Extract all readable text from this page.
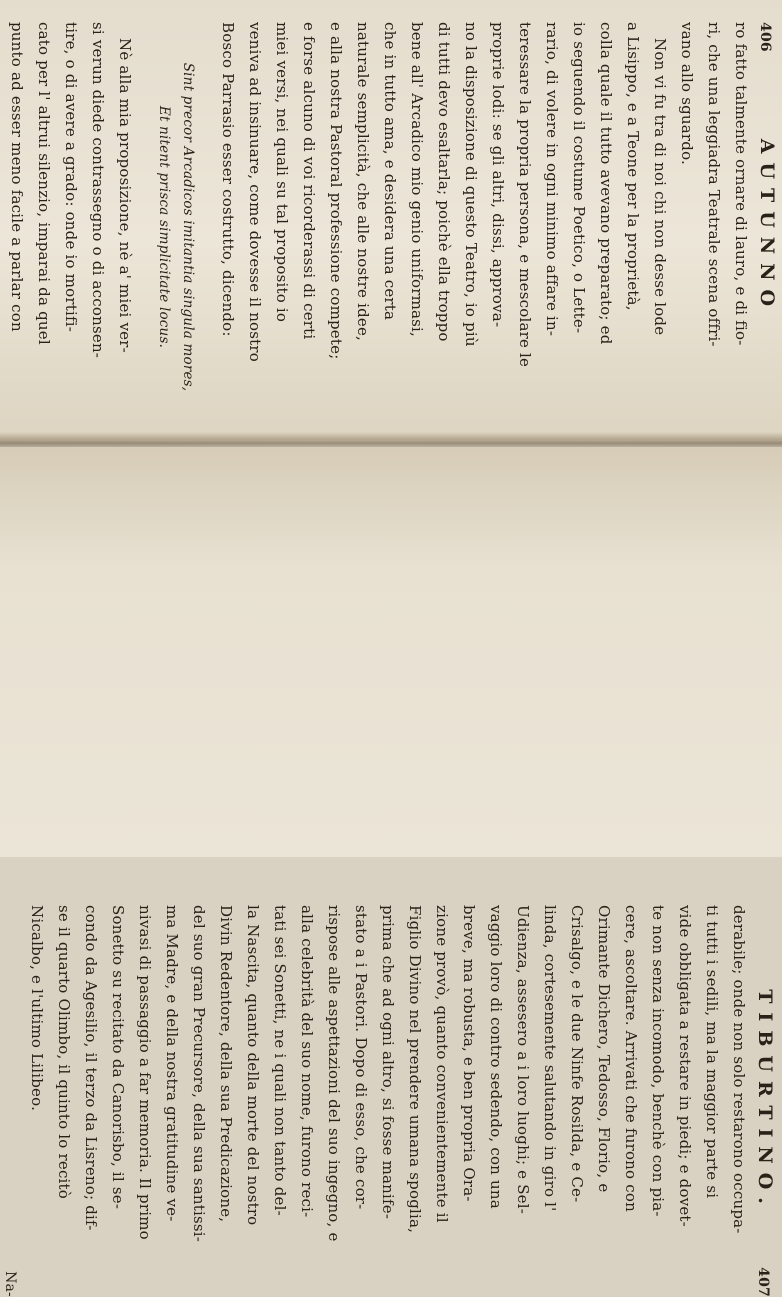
406
AUTUNNO
ro fatto talmente ornare di lauro, e di fio-
ri, che una leggiadra Teatrale scena offri-
vano allo sguardo.
Non vi fu tra di noi chi non desse lode
a Lisippo, e a Teone per la proprietà,
colla quale il tutto avevano preparato; ed
io seguendo il costume Poetico, o Lette-
rario, di volere in ogni minimo affare in-
teressare la propria persona, e mescolare le
proprie lodi: se gli altri, dissi, approva-
no la disposizione di questo Teatro, io più
di tutti devo esaltarla; poichè ella troppo
bene all' Arcadico mio genio uniformasi,
che in tutto ama, e desidera una certa
naturale semplicità, che alle nostre idee,
e alla nostra Pastoral professione compete;
e forse alcuno di voi ricorderassi di certi
miei versi, nei quali su tal proposito io
veniva ad insinuare, come dovesse il nostro
Bosco Parrasio esser costrutto, dicendo:
Sint precor Arcadicos imitantia singula mores,
Et nitent prisca simplicitate locus.
Nè alla mia proposizione, nè a' miei ver-
si verun diede contrassegno o di acconsen-
tire, o di avere a grado: onde io mortifi-
cato per l' altrui silenzio, imparai da quel
punto ad esser meno facile a parlar con
TIBURTINO.
407
derabile; onde non solo restarono occupa-
ti tutti i sedili, ma la maggior parte si
vide obbligata a restare in piedi; e dovet-
te non senza incomodo, benchè con pia-
cere, ascoltare. Arrivati che furono con
Orimante Dichero, Tedosso, Florio, e
Crisalgo, e le due Ninfe Rosilda, e Ce-
linda, cortesemente salutando in giro l'
Udienza, assesero a i loro luoghi; e Sel-
vaggio loro di contro sedendo, con una
breve, ma robusta, e ben propria Ora-
zione provò, quanto convenientemente il
Figlio Divino nel prendere umana spoglia,
prima che ad ogni altro, si fosse manife-
stato a i Pastori. Dopo di esso, che cor-
rispose alle aspettazioni del suo ingegno, e
alla celebrità del suo nome, furono reci-
tati sei Sonetti, ne i quali non tanto del-
la Nascita, quanto della morte del nostro
Divin Redentore, della sua Predicazione,
del suo gran Precursore, della sua santissi-
ma Madre, e della nostra gratitudine ve-
nivasi di passaggio a far memoria. Il primo
Sonetto su recitato da Canorisbo, il se-
condo da Agesilio, il terzo da Lisreno; dif-
se il quarto Olimbo, il quinto lo recitò
Nicalbo, e l'ultimo Lilibeo.
Na-
